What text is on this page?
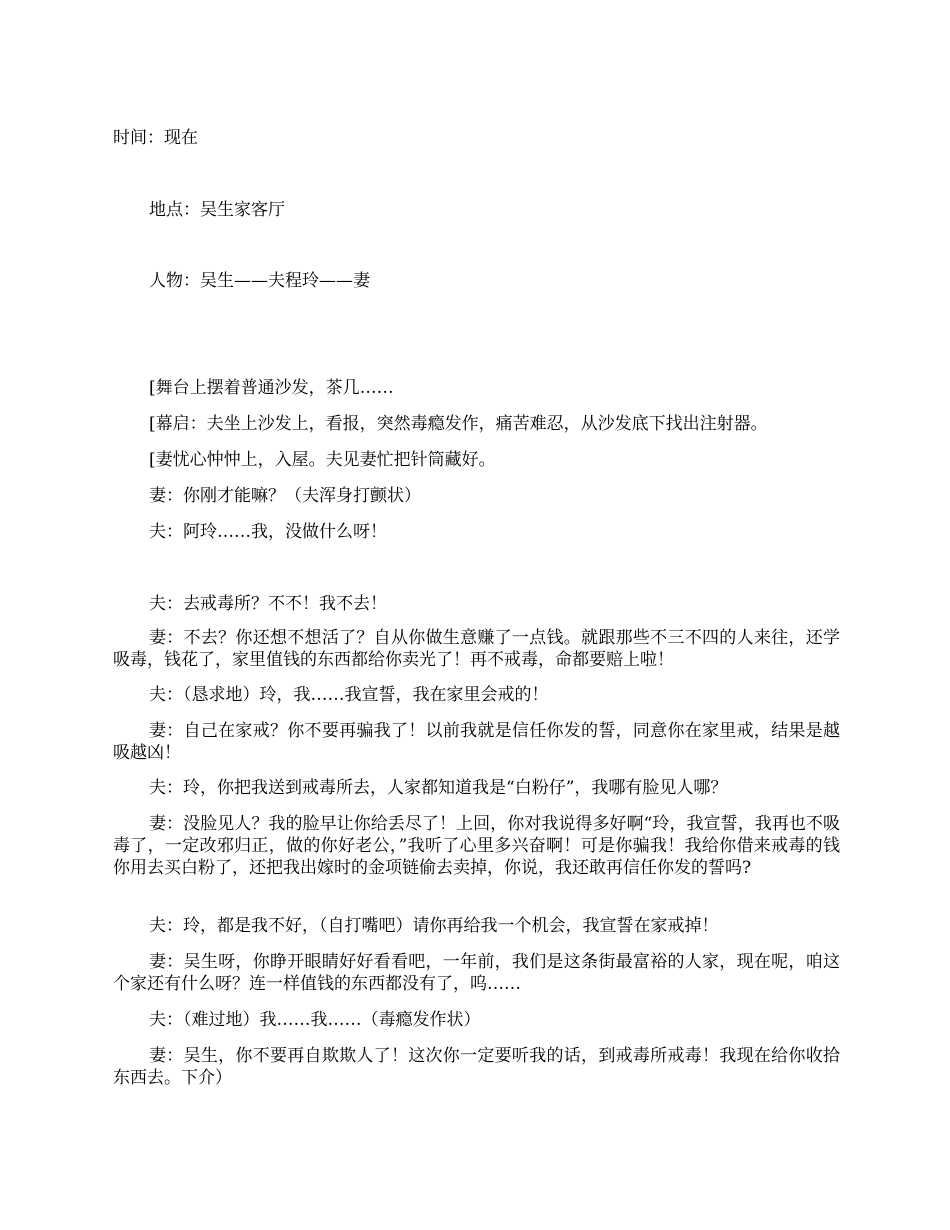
时间：现在
地点：吴生家客厅
人物：吴生——夫程玲——妻
[舞台上摆着普通沙发，茶几……
[幕启：夫坐上沙发上，看报，突然毒瘾发作，痛苦难忍，从沙发底下找出注射器。
[妻忧心忡忡上，入屋。夫见妻忙把针筒藏好。
妻：你刚才能嘛？（夫浑身打颤状）
夫：阿玲……我，没做什么呀！
夫：去戒毒所？不不！我不去！
妻：不去？你还想不想活了？自从你做生意赚了一点钱。就跟那些不三不四的人来往，还学吸毒，钱花了，家里值钱的东西都给你卖光了！再不戒毒，命都要赔上啦！
夫：（恳求地）玲，我……我宣誓，我在家里会戒的！
妻：自己在家戒？你不要再骗我了！以前我就是信任你发的誓，同意你在家里戒，结果是越吸越凶！
夫：玲，你把我送到戒毒所去，人家都知道我是“白粉仔”，我哪有脸见人哪？
妻：没脸见人？我的脸早让你给丢尽了！上回，你对我说得多好啊“玲，我宣誓，我再也不吸毒了，一定改邪归正，做的你好老公，”我听了心里多兴奋啊！可是你骗我！我给你借来戒毒的钱你用去买白粉了，还把我出嫁时的金项链偷去卖掉，你说，我还敢再信任你发的誓吗?
夫：玲，都是我不好，（自打嘴吧）请你再给我一个机会，我宣誓在家戒掉！
妻：吴生呀，你睁开眼睛好好看看吧，一年前，我们是这条街最富裕的人家，现在呢，咱这个家还有什么呀？连一样值钱的东西都没有了，呜……
夫：（难过地）我……我……（毒瘾发作状）
妻：吴生，你不要再自欺欺人了！这次你一定要听我的话，到戒毒所戒毒！我现在给你收拾东西去。下介）
